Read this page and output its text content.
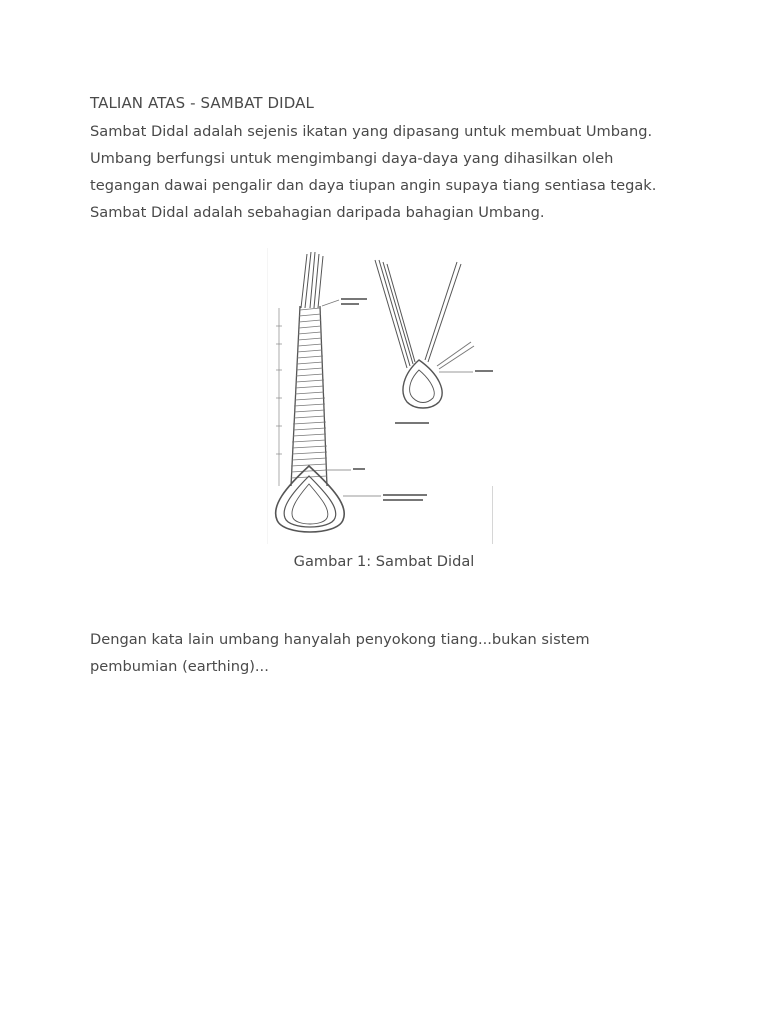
TALIAN ATAS - SAMBAT DIDAL
Sambat Didal adalah sejenis ikatan yang dipasang untuk membuat Umbang.
Umbang berfungsi untuk mengimbangi daya-daya yang dihasilkan oleh
tegangan dawai pengalir dan daya tiupan angin supaya tiang sentiasa tegak.
Sambat Didal adalah sebahagian daripada bahagian Umbang.
Gambar 1: Sambat Didal
Dengan kata lain umbang hanyalah penyokong tiang...bukan sistem
pembumian (earthing)...
